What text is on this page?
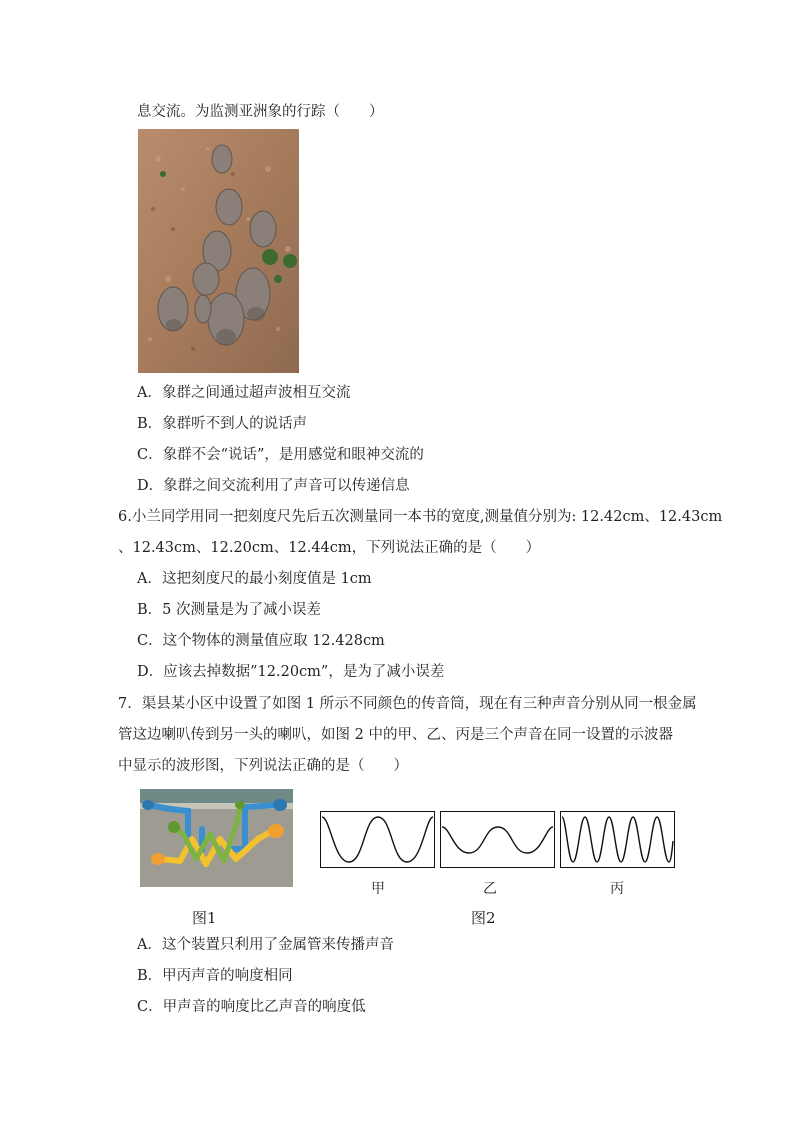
息交流。为监测亚洲象的行踪（　　）
A．象群之间通过超声波相互交流
B．象群听不到人的说话声
C．象群不会“说话”，是用感觉和眼神交流的
D．象群之间交流利用了声音可以传递信息
6.小兰同学用同一把刻度尺先后五次测量同一本书的宽度,测量值分别为: 12.42cm、12.43cm
、12.43cm、12.20cm、12.44cm，下列说法正确的是（　　）
A．这把刻度尺的最小刻度值是 1cm
B．5 次测量是为了减小误差
C．这个物体的测量值应取 12.428cm
D．应该去掉数据”12.20cm”，是为了减小误差
7．渠县某小区中设置了如图 1 所示不同颜色的传音筒，现在有三种声音分别从同一根金属
管这边喇叭传到另一头的喇叭，如图 2 中的甲、乙、丙是三个声音在同一设置的示波器
中显示的波形图，下列说法正确的是（　　）
甲	乙	丙
图1	图2
A．这个装置只利用了金属管来传播声音
B．甲丙声音的响度相同
C．甲声音的响度比乙声音的响度低
